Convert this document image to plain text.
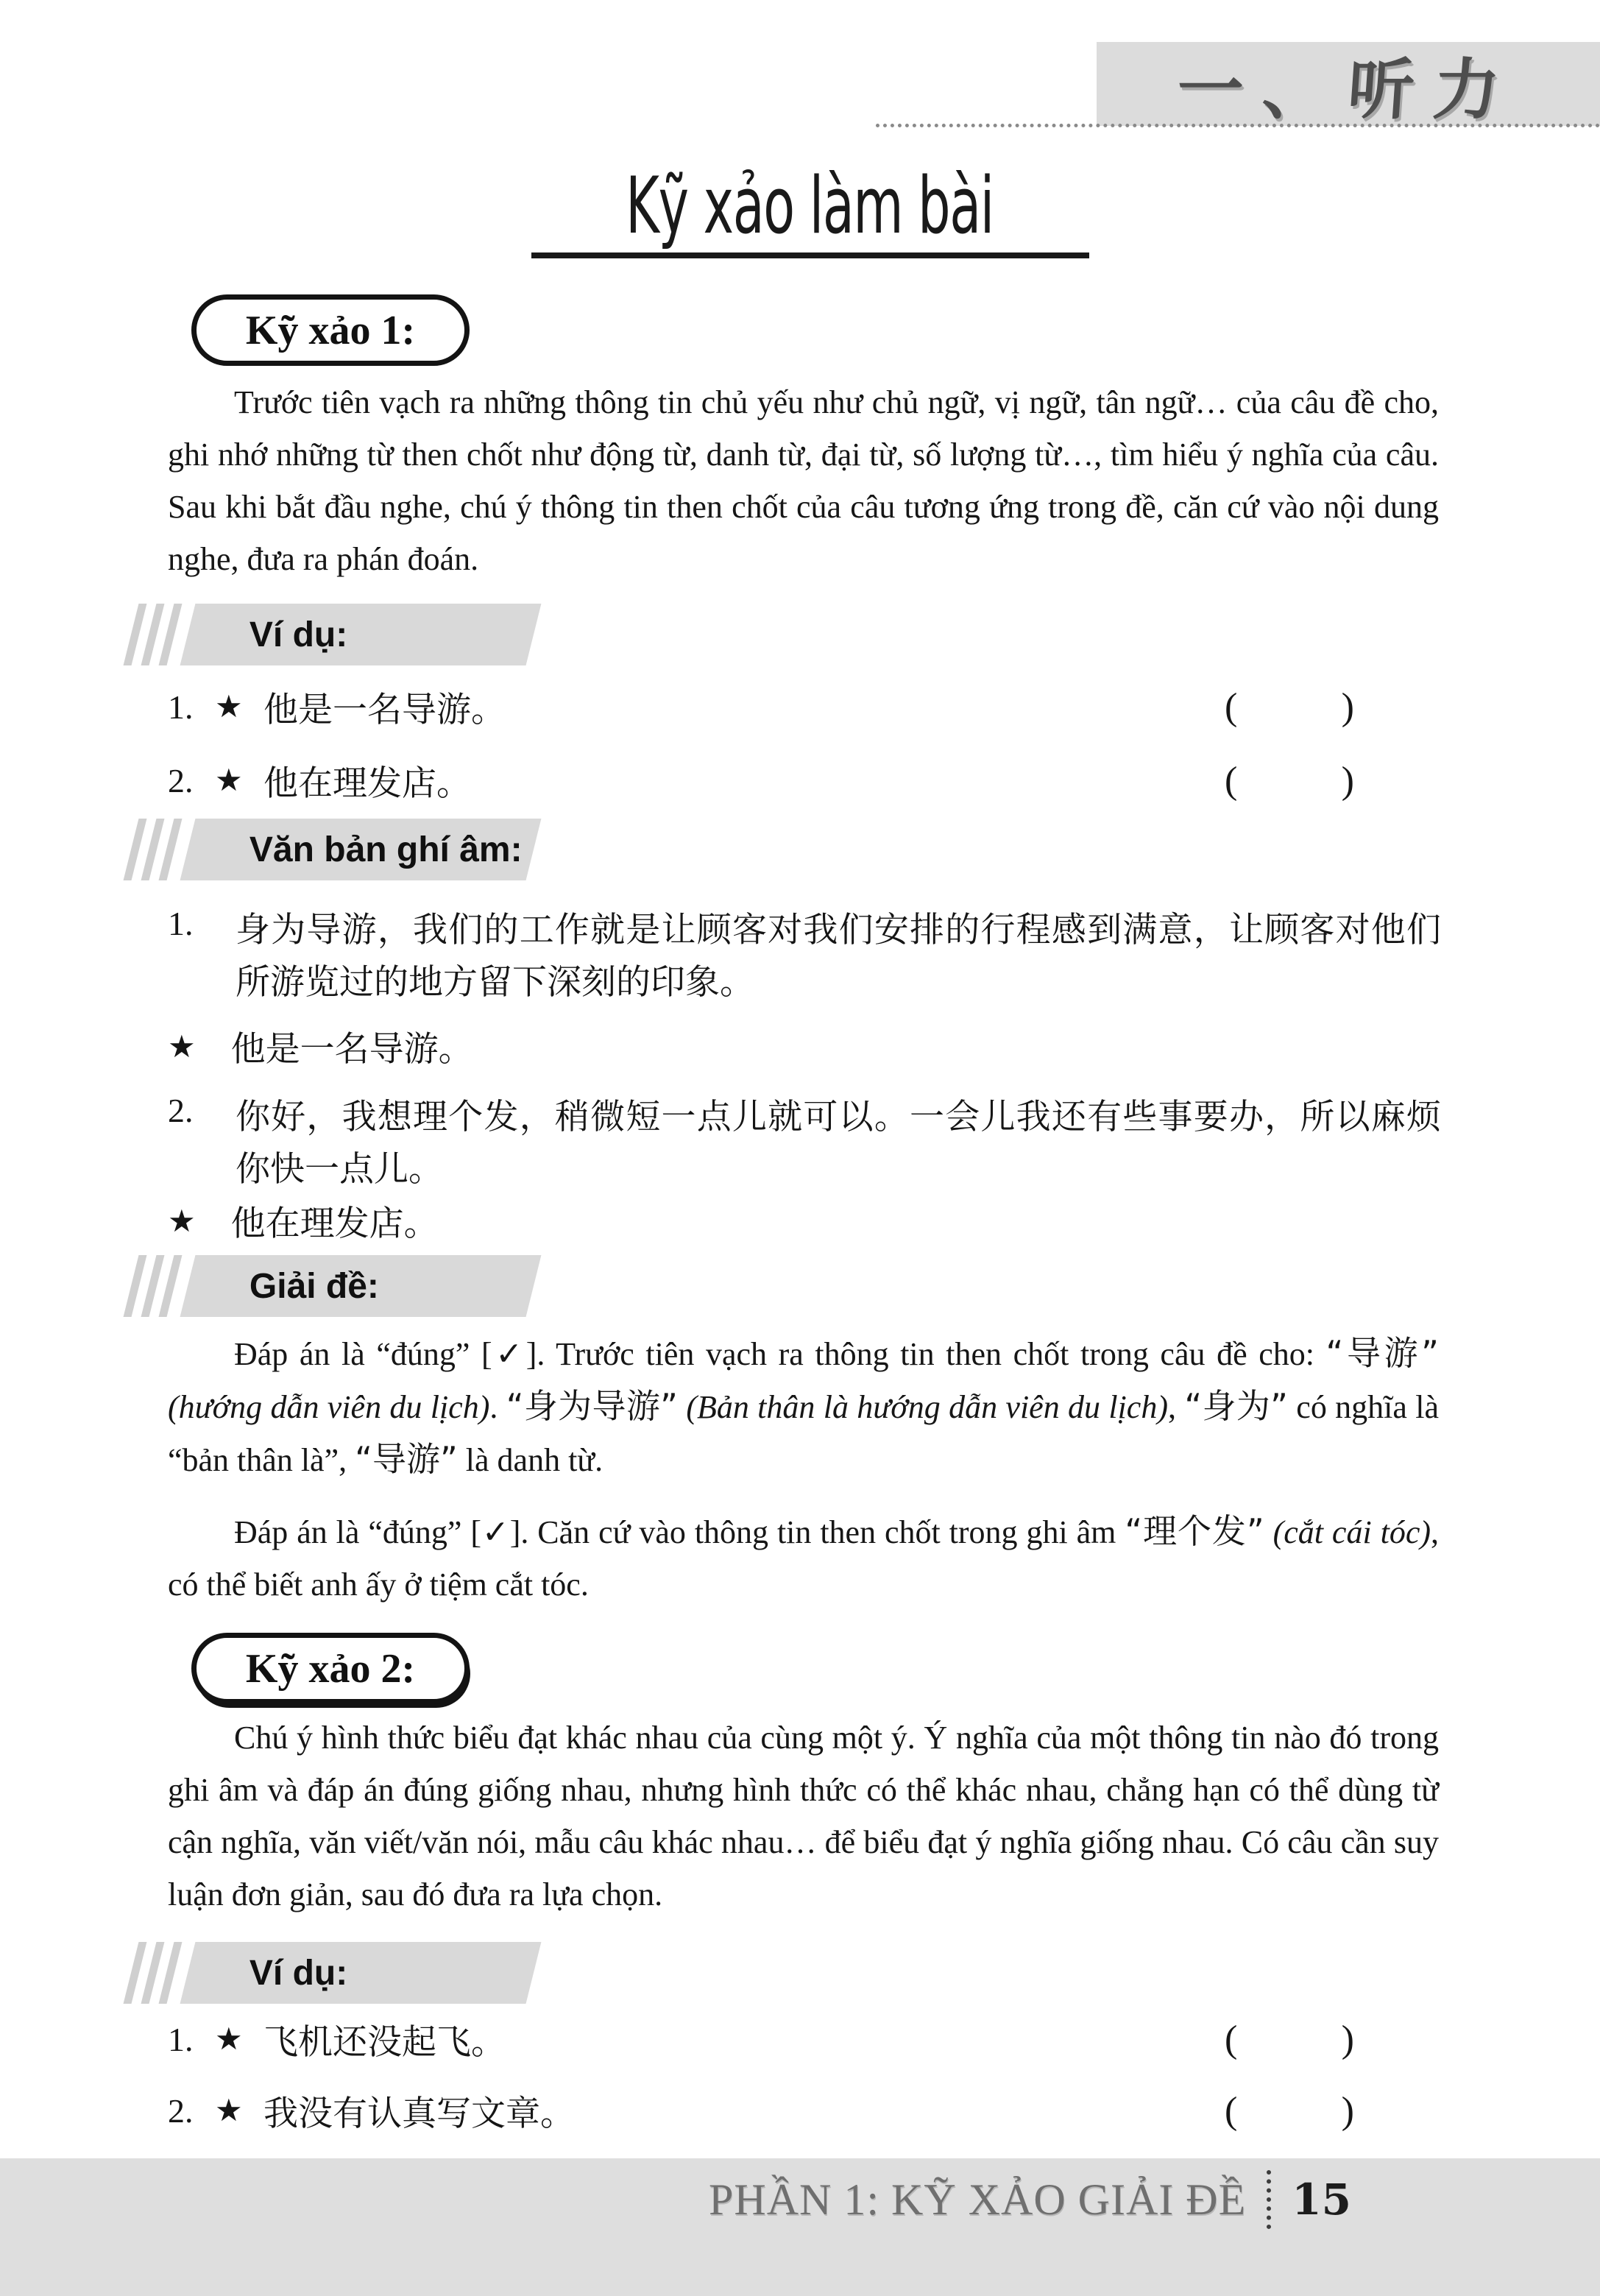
一、听力
Kỹ xảo làm bài
Kỹ xảo 1:

Trước tiên vạch ra những thông tin chủ yếu như chủ ngữ, vị ngữ, tân ngữ… của câu đề cho, ghi nhớ những từ then chốt như động từ, danh từ, đại từ, số lượng từ…, tìm hiểu ý nghĩa của câu. Sau khi bắt đầu nghe, chú ý thông tin then chốt của câu tương ứng trong đề, căn cứ vào nội dung nghe, đưa ra phán đoán.

Ví dụ:
1. ★ 他是一名导游。	(	)
2. ★ 他在理发店。	(	)
Văn bản ghí âm:
1. 身为导游，我们的工作就是让顾客对我们安排的行程感到满意，让顾客对他们所游览过的地方留下深刻的印象。
★ 他是一名导游。
2. 你好，我想理个发，稍微短一点儿就可以。一会儿我还有些事要办，所以麻烦你快一点儿。
★ 他在理发店。
Giải đề:

Đáp án là “đúng” [✓]. Trước tiên vạch ra thông tin then chốt trong câu đề cho: “导游” (hướng dẫn viên du lịch). “身为导游” (Bản thân là hướng dẫn viên du lịch), “身为” có nghĩa là “bản thân là”, “导游” là danh từ.

Đáp án là “đúng” [✓]. Căn cứ vào thông tin then chốt trong ghi âm “理个发” (cắt cái tóc), có thể biết anh ấy ở tiệm cắt tóc.

Kỹ xảo 2:

Chú ý hình thức biểu đạt khác nhau của cùng một ý. Ý nghĩa của một thông tin nào đó trong ghi âm và đáp án đúng giống nhau, nhưng hình thức có thể khác nhau, chẳng hạn có thể dùng từ cận nghĩa, văn viết/văn nói, mẫu câu khác nhau… để biểu đạt ý nghĩa giống nhau. Có câu cần suy luận đơn giản, sau đó đưa ra lựa chọn.

Ví dụ:
1. ★ 飞机还没起飞。	(	)
2. ★ 我没有认真写文章。	(	)
PHẦN 1: KỸ XẢO GIẢI ĐỀ 15
